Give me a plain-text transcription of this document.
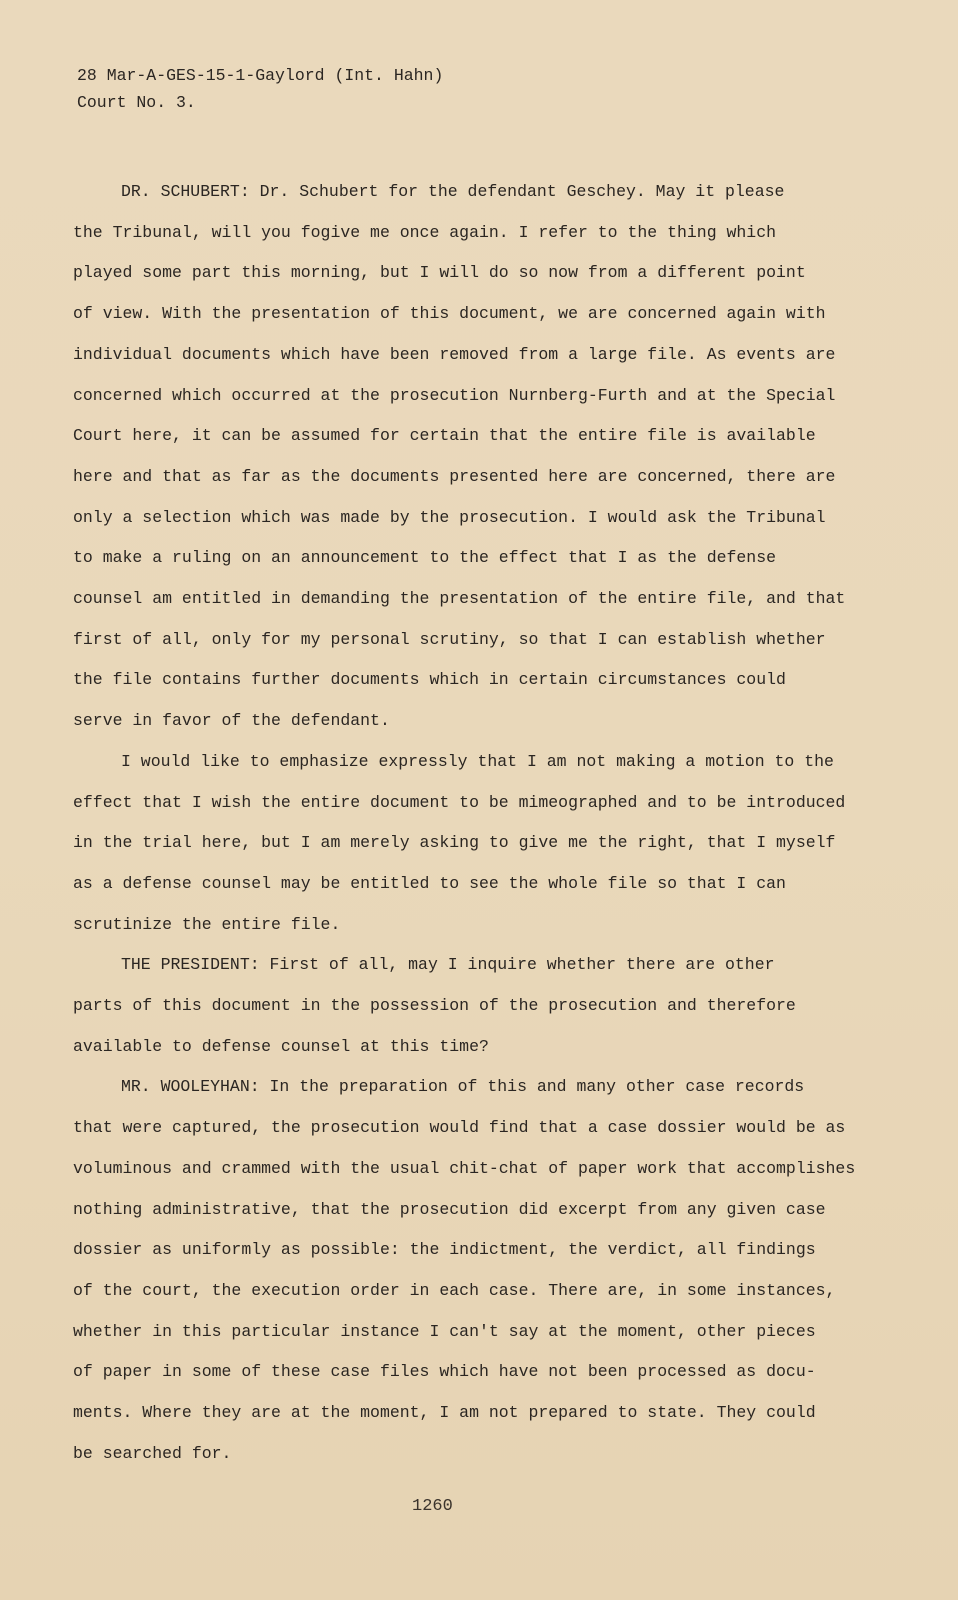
28 Mar-A-GES-15-1-Gaylord (Int. Hahn)
Court No. 3.

DR. SCHUBERT: Dr. Schubert for the defendant Geschey. May it please
the Tribunal, will you fogive me once again. I refer to the thing which
played some part this morning, but I will do so now from a different point
of view. With the presentation of this document, we are concerned again with
individual documents which have been removed from a large file. As events are
concerned which occurred at the prosecution Nurnberg-Furth and at the Special
Court here, it can be assumed for certain that the entire file is available
here and that as far as the documents presented here are concerned, there are
only a selection which was made by the prosecution. I would ask the Tribunal
to make a ruling on an announcement to the effect that I as the defense
counsel am entitled in demanding the presentation of the entire file, and that
first of all, only for my personal scrutiny, so that I can establish whether
the file contains further documents which in certain circumstances could
serve in favor of the defendant.

I would like to emphasize expressly that I am not making a motion to the
effect that I wish the entire document to be mimeographed and to be introduced
in the trial here, but I am merely asking to give me the right, that I myself
as a defense counsel may be entitled to see the whole file so that I can
scrutinize the entire file.

THE PRESIDENT: First of all, may I inquire whether there are other
parts of this document in the possession of the prosecution and therefore
available to defense counsel at this time?

MR. WOOLEYHAN: In the preparation of this and many other case records
that were captured, the prosecution would find that a case dossier would be as
voluminous and crammed with the usual chit-chat of paper work that accomplishes
nothing administrative, that the prosecution did excerpt from any given case
dossier as uniformly as possible: the indictment, the verdict, all findings
of the court, the execution order in each case. There are, in some instances,
whether in this particular instance I can't say at the moment, other pieces
of paper in some of these case files which have not been processed as docu-
ments. Where they are at the moment, I am not prepared to state. They could
be searched for.

1260
